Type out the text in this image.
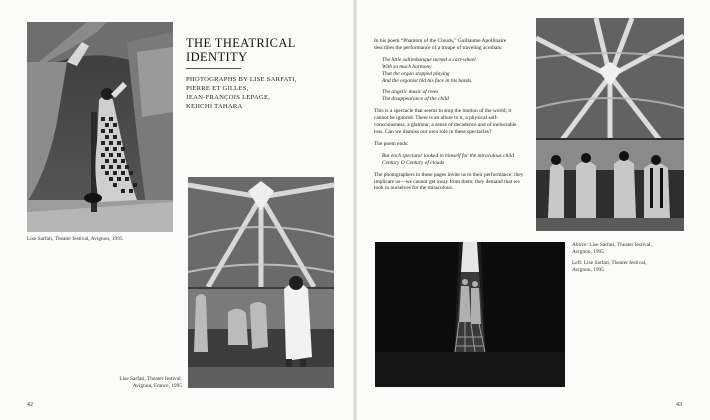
Lise Sarfati, Theater festival, Avignon, 1995
THE THEATRICAL
IDENTITY
PHOTOGRAPHS BY LISE SARFATI,
PIERRE ET GILLES,
JEAN-FRANÇOIS LEPAGE,
KEIICHI TAHARA
Lise Sarfati, Theater festival,
Avignon, France, 1995
42

In his poem “Phantom of the Clouds,” Guillaume Apollinaire describes the performance of a troupe of traveling acrobats:

The little saltimbanque turned a cart-wheel
With so much harmony
That the organ stopped playing
And the organist hid his face in his hands.

The angelic music of trees
The disappearance of the child

This is a spectacle that seems to stop the motion of the world; it cannot be ignored. There is an allure to it, a physical self-consciousness, a glamour, a sense of decadence and of ineluctable loss. Can we dismiss our own role in these spectacles?

The poem ends:

But each spectator looked in himself for the miraculous child
Century O Century of clouds

The photographers in these pages invite us to their performance; they implicate us—we cannot get away from them; they demand that we look in ourselves for the miraculous.

Above: Lise Sarfati, Theater festival,
Avignon, 1995
Left: Lise Sarfati, Theater festival,
Avignon, 1995
43
